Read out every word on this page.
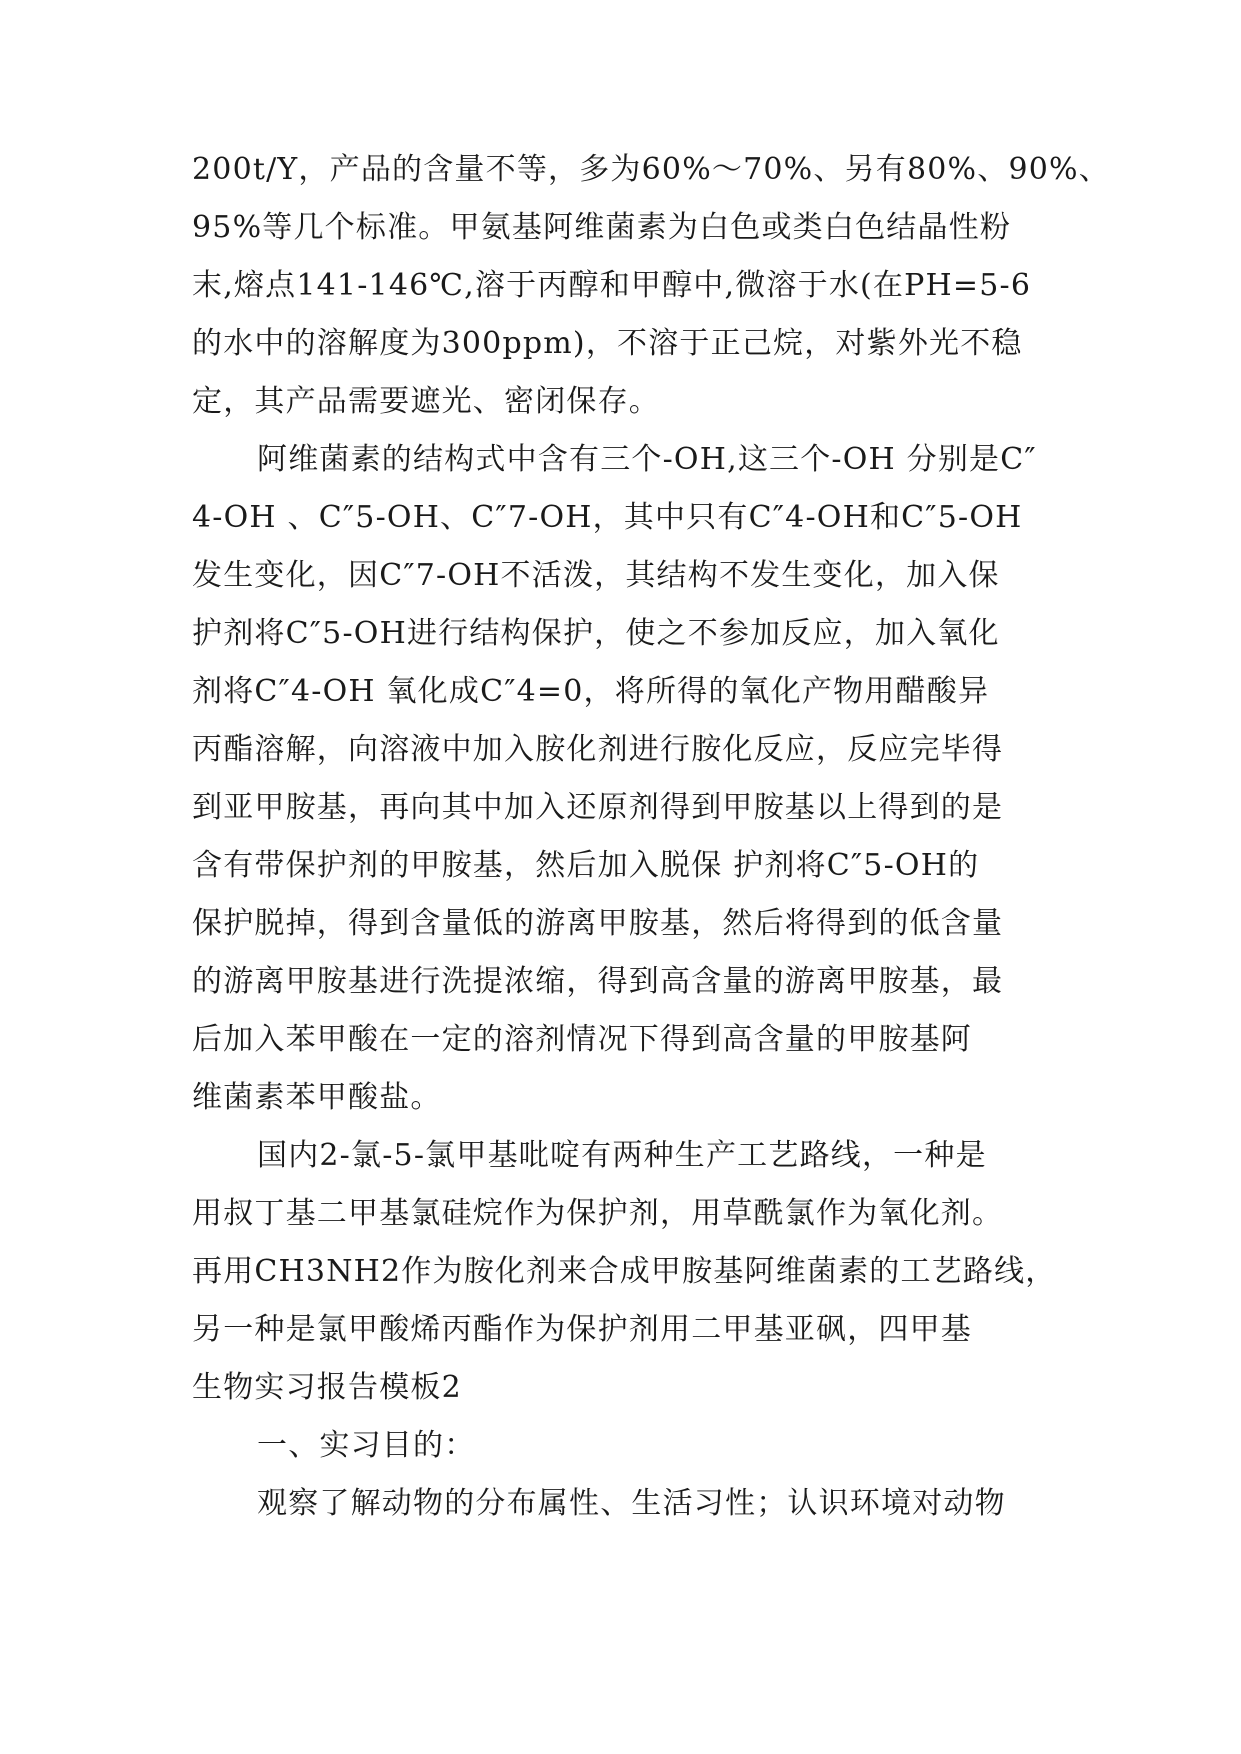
200t/Y，产品的含量不等，多为60%～70%、另有80%、90%、
95%等几个标准。甲氨基阿维菌素为白色或类白色结晶性粉
末,熔点141-146℃,溶于丙醇和甲醇中,微溶于水(在PH=5-6
的水中的溶解度为300ppm)，不溶于正己烷，对紫外光不稳
定，其产品需要遮光、密闭保存。
阿维菌素的结构式中含有三个-OH,这三个-OH 分别是C″
4-OH 、C″5-OH、C″7-OH，其中只有C″4-OH和C″5-OH
发生变化，因C″7-OH不活泼，其结构不发生变化，加入保
护剂将C″5-OH进行结构保护，使之不参加反应，加入氧化
剂将C″4-OH 氧化成C″4=0，将所得的氧化产物用醋酸异
丙酯溶解，向溶液中加入胺化剂进行胺化反应，反应完毕得
到亚甲胺基，再向其中加入还原剂得到甲胺基以上得到的是
含有带保护剂的甲胺基，然后加入脱保 护剂将C″5-OH的
保护脱掉，得到含量低的游离甲胺基，然后将得到的低含量
的游离甲胺基进行洗提浓缩，得到高含量的游离甲胺基，最
后加入苯甲酸在一定的溶剂情况下得到高含量的甲胺基阿
维菌素苯甲酸盐。
国内2-氯-5-氯甲基吡啶有两种生产工艺路线，一种是
用叔丁基二甲基氯硅烷作为保护剂，用草酰氯作为氧化剂。
再用CH3NH2作为胺化剂来合成甲胺基阿维菌素的工艺路线，
另一种是氯甲酸烯丙酯作为保护剂用二甲基亚砜，四甲基
生物实习报告模板2
一、实习目的：
观察了解动物的分布属性、生活习性；认识环境对动物
